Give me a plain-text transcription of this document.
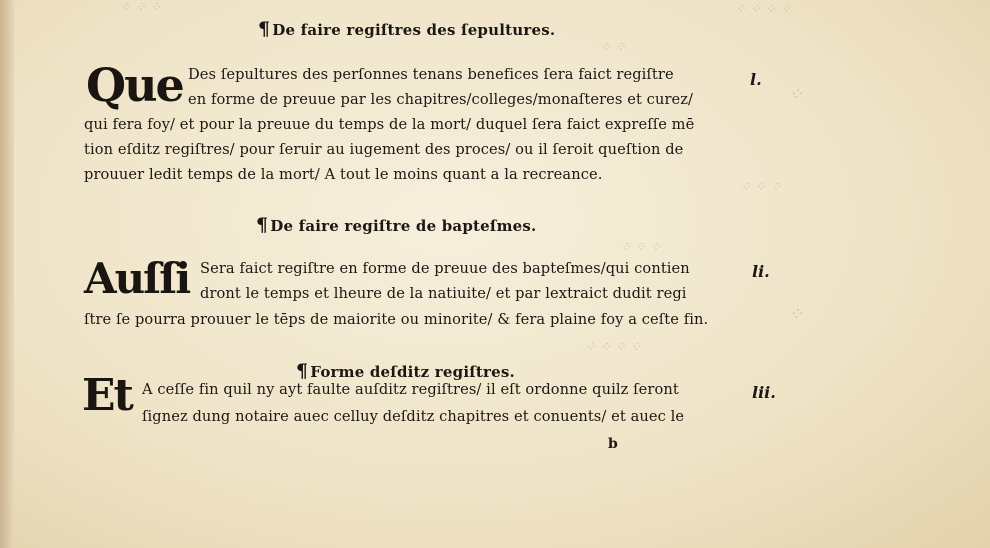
⁘ ⁘ ⁘	⁘ ⁘ ⁘ ⁘
⁘ ⁘
⁘ ⁘ ⁘
⁘ ⁘ ⁘
⁘ ⁘ ⁘ ⁘
⁘
⁘
¶ De faire regiſtres des ſepultures.
Que Des ſepultures des perſonnes tenans benefices ſera faict regiſtre
en forme de preuue par les chapitres/colleges/monaſteres et curez/
qui fera foy/ et pour la preuue du temps de la mort/ duquel ſera faict expreſſe mē
tion eſditz regiſtres/ pour ſeruir au iugement des proces/ ou il ſeroit queſtion de
prouuer ledit temps de la mort/ A tout le moins quant a la recreance.
l.
¶ De faire regiſtre de bapteſmes.
Auſſi Sera faict regiſtre en forme de preuue des bapteſmes/qui contien
dront le temps et lheure de la natiuite/ et par lextraict dudit regi
ſtre ſe pourra prouuer le tēps de maiorite ou minorite/ & fera plaine foy a ceſte fin.
li.
¶ Forme deſditz regiſtres.
Et A ceſſe fin quil ny ayt faulte auſditz regiſtres/ il eſt ordonne quilz ſeront
ſignez dung notaire auec celluy deſditz chapitres et conuents/ et auec le
lii.
b
